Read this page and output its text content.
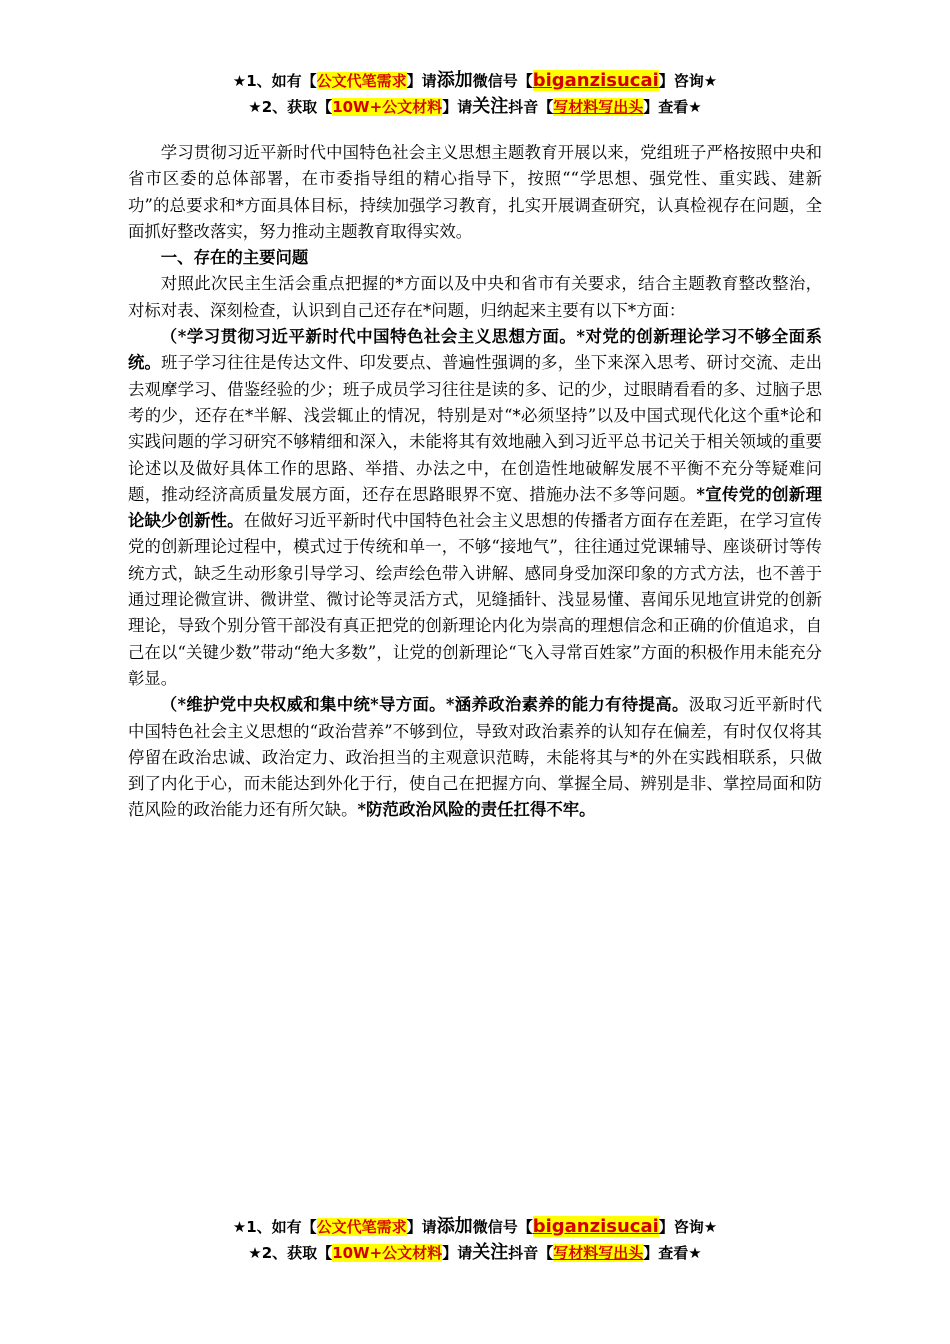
★1、如有【公文代笔需求】请添加微信号【biganzisucai】咨询★
★2、获取【10W+公文材料】请关注抖音【写材料写出头】查看★

学习贯彻习近平新时代中国特色社会主义思想主题教育开展以来，党组班子严格按照中央和省市区委的总体部署，在市委指导组的精心指导下，按照““学思想、强党性、重实践、建新功”的总要求和*方面具体目标，持续加强学习教育，扎实开展调查研究，认真检视存在问题，全面抓好整改落实，努力推动主题教育取得实效。

一、存在的主要问题

对照此次民主生活会重点把握的*方面以及中央和省市有关要求，结合主题教育整改整治，对标对表、深刻检查，认识到自己还存在*问题，归纳起来主要有以下*方面：

（*学习贯彻习近平新时代中国特色社会主义思想方面。*对党的创新理论学习不够全面系统。班子学习往往是传达文件、印发要点、普遍性强调的多，坐下来深入思考、研讨交流、走出去观摩学习、借鉴经验的少；班子成员学习往往是读的多、记的少，过眼睛看看的多、过脑子思考的少，还存在*半解、浅尝辄止的情况，特别是对“*必须坚持”以及中国式现代化这个重*论和实践问题的学习研究不够精细和深入，未能将其有效地融入到习近平总书记关于相关领域的重要论述以及做好具体工作的思路、举措、办法之中，在创造性地破解发展不平衡不充分等疑难问题，推动经济高质量发展方面，还存在思路眼界不宽、措施办法不多等问题。*宣传党的创新理论缺少创新性。在做好习近平新时代中国特色社会主义思想的传播者方面存在差距，在学习宣传党的创新理论过程中，模式过于传统和单一，不够“接地气”，往往通过党课辅导、座谈研讨等传统方式，缺乏生动形象引导学习、绘声绘色带入讲解、感同身受加深印象的方式方法，也不善于通过理论微宣讲、微讲堂、微讨论等灵活方式，见缝插针、浅显易懂、喜闻乐见地宣讲党的创新理论，导致个别分管干部没有真正把党的创新理论内化为崇高的理想信念和正确的价值追求，自己在以“关键少数”带动“绝大多数”，让党的创新理论“飞入寻常百姓家”方面的积极作用未能充分彰显。

（*维护党中央权威和集中统*导方面。*涵养政治素养的能力有待提高。汲取习近平新时代中国特色社会主义思想的“政治营养”不够到位，导致对政治素养的认知存在偏差，有时仅仅将其停留在政治忠诚、政治定力、政治担当的主观意识范畴，未能将其与*的外在实践相联系，只做到了内化于心，而未能达到外化于行，使自己在把握方向、掌握全局、辨别是非、掌控局面和防范风险的政治能力还有所欠缺。*防范政治风险的责任扛得不牢。

★1、如有【公文代笔需求】请添加微信号【biganzisucai】咨询★
★2、获取【10W+公文材料】请关注抖音【写材料写出头】查看★
